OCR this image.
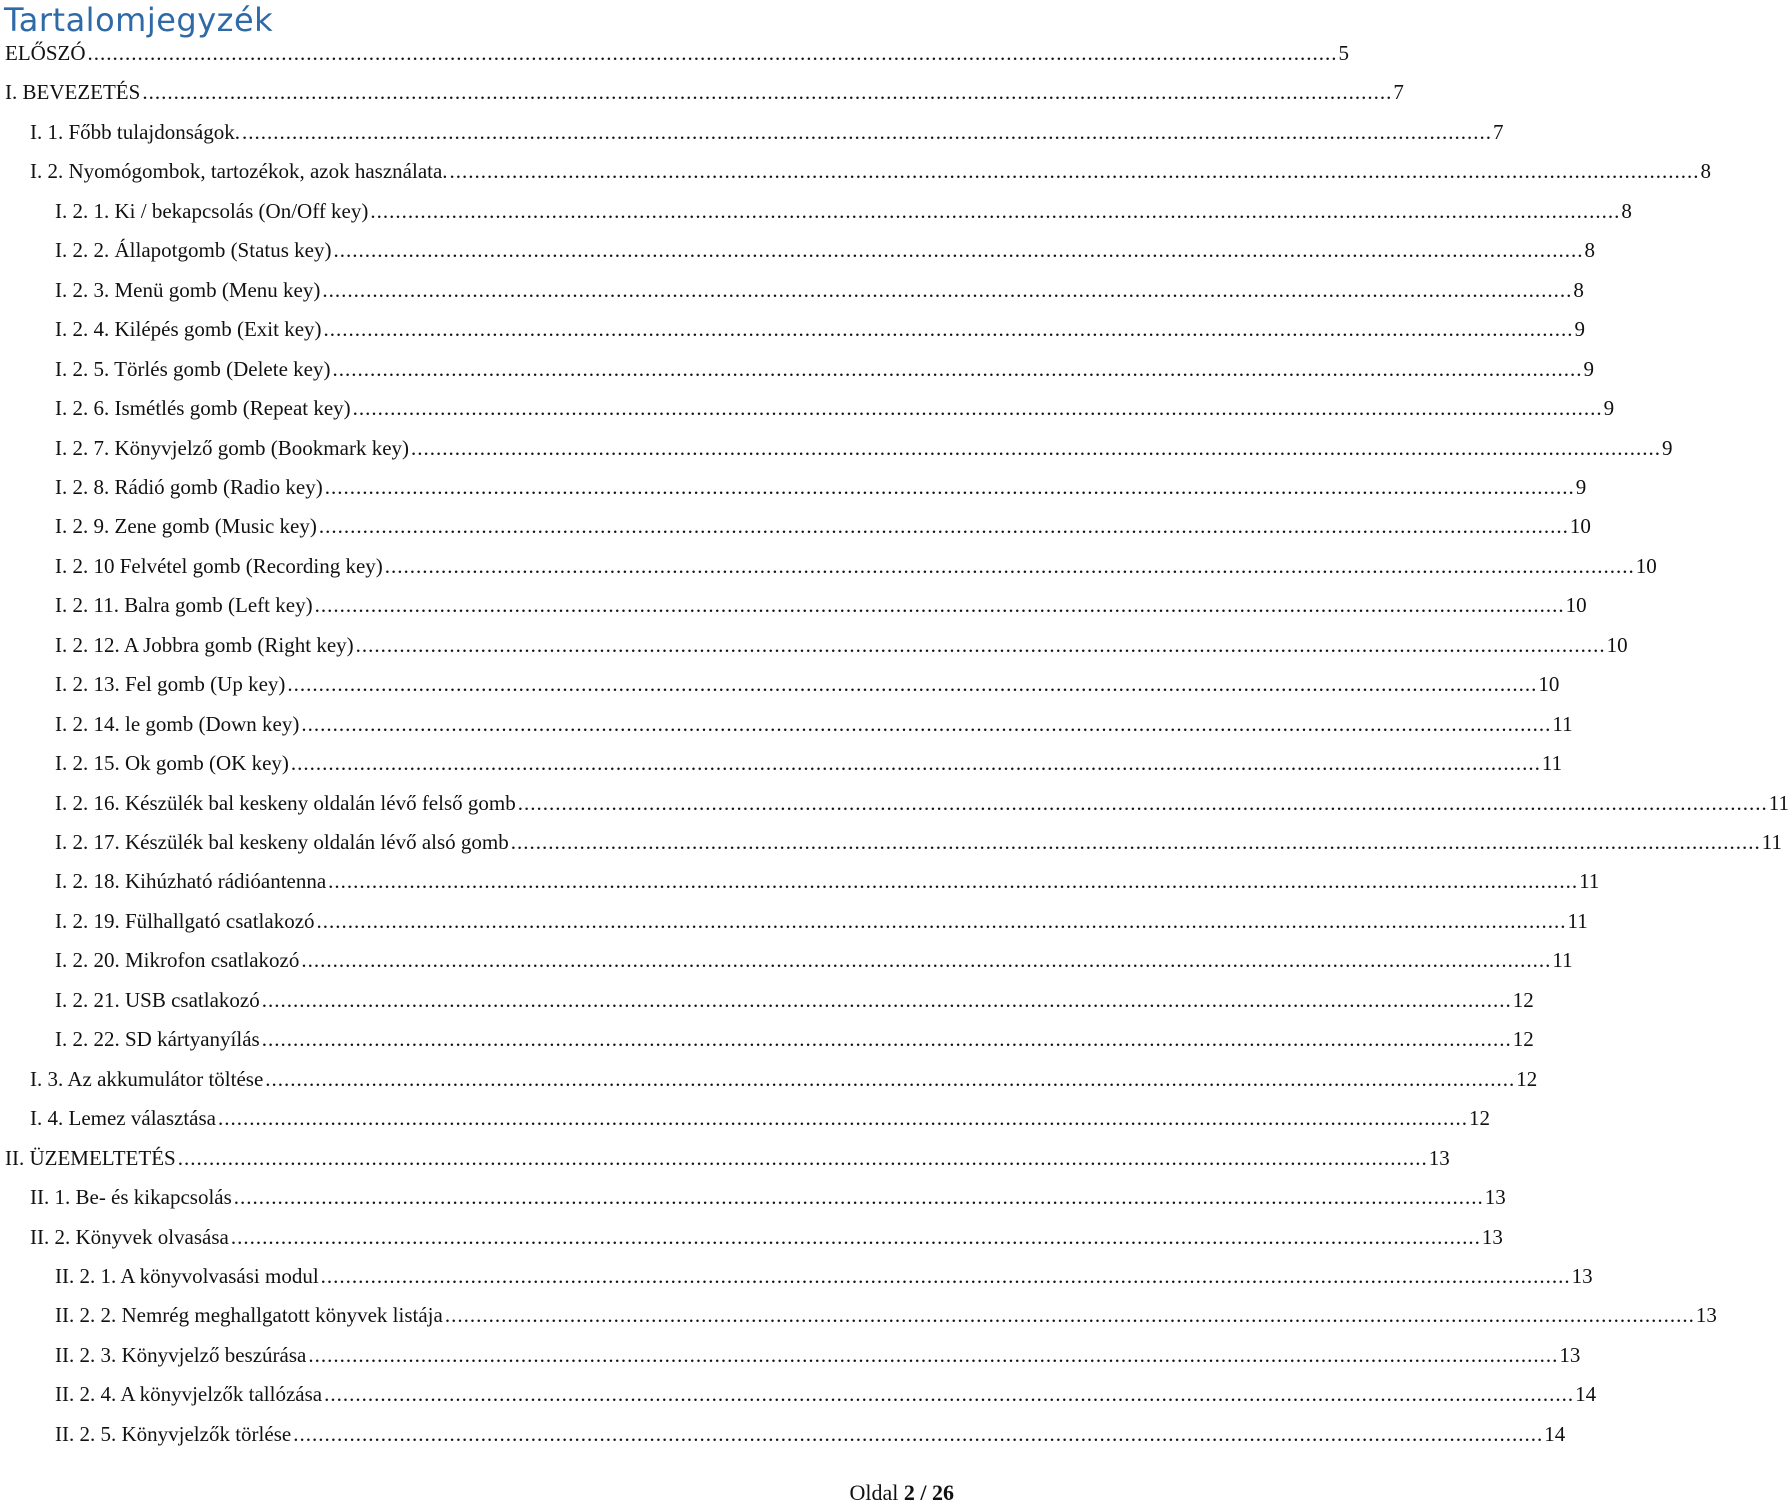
Tartalomjegyzék
ELŐSZÓ ........................................................................................................................................................................................................ 5
I. BEVEZETÉS ........................................................................................................................................................................................................ 7
I. 1. Főbb tulajdonságok. ........................................................................................................................................................................................................ 7
I. 2. Nyomógombok, tartozékok, azok használata. ........................................................................................................................................................................................................ 8
I. 2. 1. Ki / bekapcsolás (On/Off key) ........................................................................................................................................................................................................ 8
I. 2. 2. Állapotgomb (Status key) ........................................................................................................................................................................................................ 8
I. 2. 3. Menü gomb (Menu key) ........................................................................................................................................................................................................ 8
I. 2. 4. Kilépés gomb (Exit key) ........................................................................................................................................................................................................ 9
I. 2. 5. Törlés gomb (Delete key) ........................................................................................................................................................................................................ 9
I. 2. 6. Ismétlés gomb (Repeat key) ........................................................................................................................................................................................................ 9
I. 2. 7. Könyvjelző gomb (Bookmark key) ........................................................................................................................................................................................................ 9
I. 2. 8. Rádió gomb (Radio key) ........................................................................................................................................................................................................ 9
I. 2. 9. Zene gomb (Music key) ........................................................................................................................................................................................................ 10
I. 2. 10 Felvétel gomb (Recording key) ........................................................................................................................................................................................................ 10
I. 2. 11. Balra gomb (Left key) ........................................................................................................................................................................................................ 10
I. 2. 12. A Jobbra gomb (Right key) ........................................................................................................................................................................................................ 10
I. 2. 13. Fel gomb (Up key) ........................................................................................................................................................................................................ 10
I. 2. 14. le gomb (Down key) ........................................................................................................................................................................................................ 11
I. 2. 15. Ok gomb (OK key) ........................................................................................................................................................................................................ 11
I. 2. 16. Készülék bal keskeny oldalán lévő felső gomb ........................................................................................................................................................................................................ 11
I. 2. 17. Készülék bal keskeny oldalán lévő alsó gomb ........................................................................................................................................................................................................ 11
I. 2. 18. Kihúzható rádióantenna ........................................................................................................................................................................................................ 11
I. 2. 19. Fülhallgató csatlakozó ........................................................................................................................................................................................................ 11
I. 2. 20. Mikrofon csatlakozó ........................................................................................................................................................................................................ 11
I. 2. 21. USB csatlakozó ........................................................................................................................................................................................................ 12
I. 2. 22. SD kártyanyílás ........................................................................................................................................................................................................ 12
I. 3. Az akkumulátor töltése ........................................................................................................................................................................................................ 12
I. 4. Lemez választása ........................................................................................................................................................................................................ 12
II. ÜZEMELTETÉS ........................................................................................................................................................................................................ 13
II. 1. Be- és kikapcsolás ........................................................................................................................................................................................................ 13
II. 2. Könyvek olvasása ........................................................................................................................................................................................................ 13
II. 2. 1. A könyvolvasási modul ........................................................................................................................................................................................................ 13
II. 2. 2. Nemrég meghallgatott könyvek listája ........................................................................................................................................................................................................ 13
II. 2. 3. Könyvjelző beszúrása ........................................................................................................................................................................................................ 13
II. 2. 4. A könyvjelzők tallózása ........................................................................................................................................................................................................ 14
II. 2. 5. Könyvjelzők törlése ........................................................................................................................................................................................................ 14
Oldal 2 / 26
